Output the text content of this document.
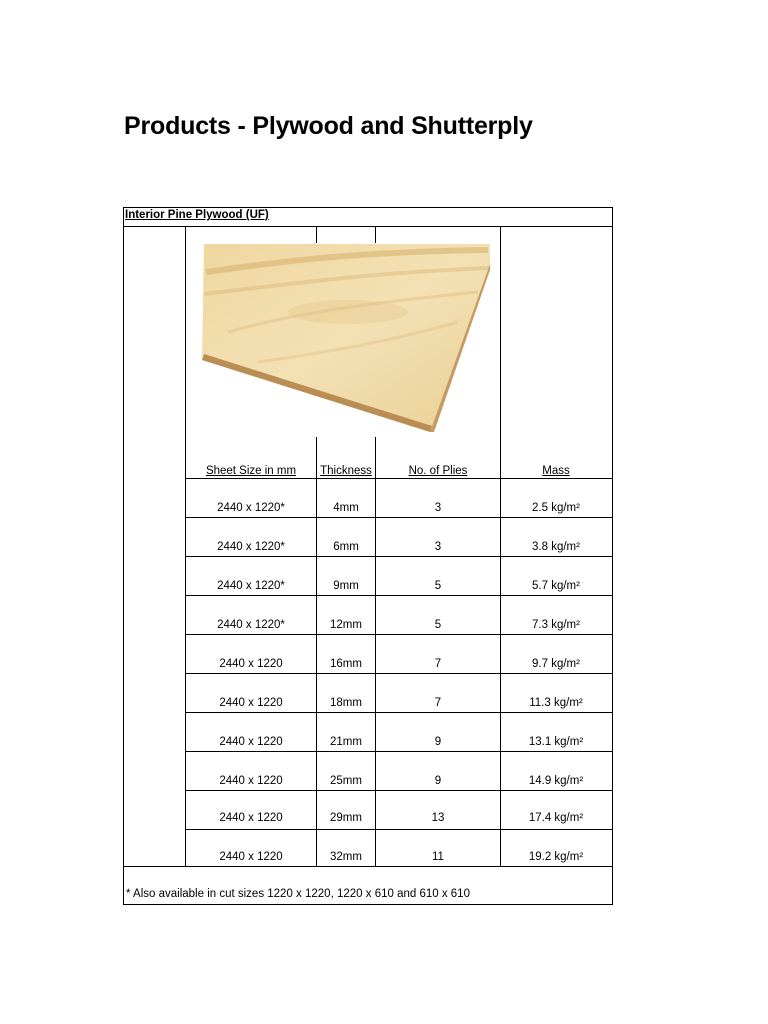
Products - Plywood and Shutterply
Interior Pine Plywood (UF)
Sheet Size in mm	Thickness	No. of Plies	Mass
2440 x 1220*	4mm	3	2.5 kg/m²
2440 x 1220*	6mm	3	3.8 kg/m²
2440 x 1220*	9mm	5	5.7 kg/m²
2440 x 1220*	12mm	5	7.3 kg/m²
2440 x 1220	16mm	7	9.7 kg/m²
2440 x 1220	18mm	7	11.3 kg/m²
2440 x 1220	21mm	9	13.1 kg/m²
2440 x 1220	25mm	9	14.9 kg/m²
2440 x 1220	29mm	13	17.4 kg/m²
2440 x 1220	32mm	11	19.2 kg/m²
* Also available in cut sizes 1220 x 1220, 1220 x 610 and 610 x 610
